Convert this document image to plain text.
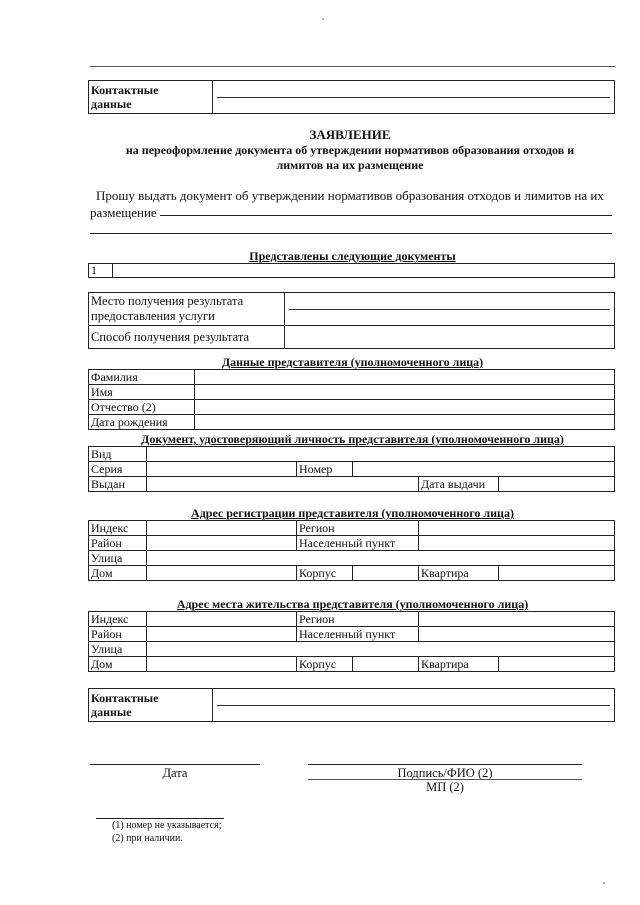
Контактные
данные

ЗАЯВЛЕНИЕ
на переоформление документа об утверждении нормативов образования отходов и
лимитов на их размещение
Прошу выдать документ об утверждении нормативов образования отходов и лимитов на их
размещение
Представлены следующие документы
1	
Место получения результата
предоставления услуги	

Способ получения результата	
Данные представителя (уполномоченного лица)
Фамилия	
Имя	
Отчество (2)	
Дата рождения	
Документ, удостоверяющий личность представителя (уполномоченного лица)
Вид					
Серия		Номер			
Выдан				Дата выдачи	
Адрес регистрации представителя (уполномоченного лица)
Индекс		Регион			
Район		Населенный пункт			
Улица					
Дом		Корпус		Квартира	
Адрес места жительства представителя (уполномоченного лица)
Индекс		Регион			
Район		Населенный пункт			
Улица					
Дом		Корпус		Квартира	
Контактные
данные

Дата	Подпись/ФИО (2)
МП (2)
(1) номер не указывается;
(2) при наличии.
